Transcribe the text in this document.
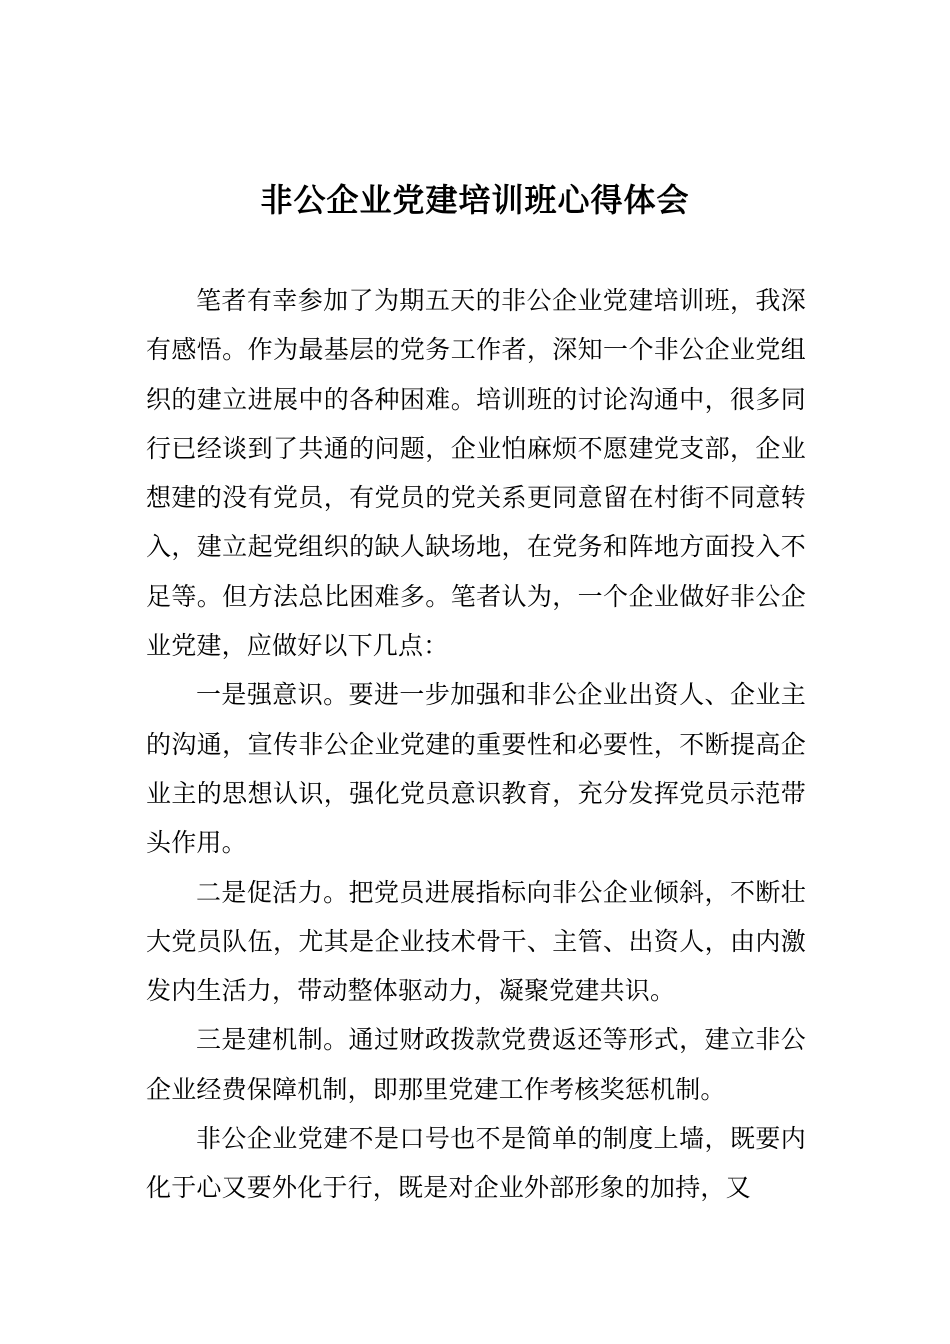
非公企业党建培训班心得体会

笔者有幸参加了为期五天的非公企业党建培训班，我深有感悟。作为最基层的党务工作者，深知一个非公企业党组织的建立进展中的各种困难。培训班的讨论沟通中，很多同行已经谈到了共通的问题，企业怕麻烦不愿建党支部，企业想建的没有党员，有党员的党关系更同意留在村街不同意转入，建立起党组织的缺人缺场地，在党务和阵地方面投入不足等。但方法总比困难多。笔者认为，一个企业做好非公企业党建，应做好以下几点：

一是强意识。要进一步加强和非公企业出资人、企业主的沟通，宣传非公企业党建的重要性和必要性，不断提高企业主的思想认识，强化党员意识教育，充分发挥党员示范带头作用。

二是促活力。把党员进展指标向非公企业倾斜，不断壮大党员队伍，尤其是企业技术骨干、主管、出资人，由内激发内生活力，带动整体驱动力，凝聚党建共识。

三是建机制。通过财政拨款党费返还等形式，建立非公企业经费保障机制，即那里党建工作考核奖惩机制。

非公企业党建不是口号也不是简单的制度上墙，既要内化于心又要外化于行，既是对企业外部形象的加持，又
